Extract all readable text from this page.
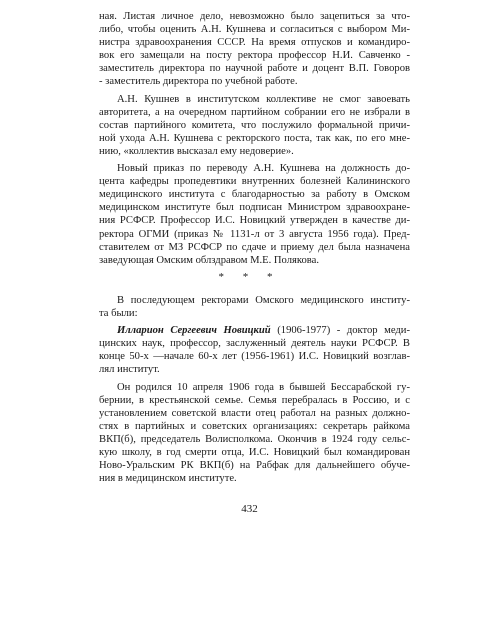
ная. Листая личное дело, невозможно было зацепиться за что-
либо, чтобы оценить А.Н. Кушнева и согласиться с выбором Ми-
нистра здравоохранения СССР. На время отпусков и командиро-
вок его замещали на посту ректора профессор Н.И. Савченко -
заместитель директора по научной работе и доцент В.П. Говоров
- заместитель директора по учебной работе.
А.Н. Кушнев в институтском коллективе не смог завоевать
авторитета, а на очередном партийном собрании его не избрали в
состав партийного комитета, что послужило формальной причи-
ной ухода А.Н. Кушнева с ректорского поста, так как, по его мне-
нию, «коллектив высказал ему недоверие».
Новый приказ по переводу А.Н. Кушнева на должность до-
цента кафедры пропедевтики внутренних болезней Калининского
медицинского института с благодарностью за работу в Омском
медицинском институте был подписан Министром здравоохране-
ния РСФСР. Профессор И.С. Новицкий утвержден в качестве ди-
ректора ОГМИ (приказ № 1131-л от 3 августа 1956 года). Пред-
ставителем от МЗ РСФСР по сдаче и приему дел была назначена
заведующая Омским облздравом М.Е. Полякова.
* * *
В последующем ректорами Омского медицинского институ-
та были:
Илларион Сергеевич Новицкий (1906-1977) - доктор меди-
цинских наук, профессор, заслуженный деятель науки РСФСР. В
конце 50-х —начале 60-х лет (1956-1961) И.С. Новицкий возглав-
лял институт.
Он родился 10 апреля 1906 года в бывшей Бессарабской гу-
бернии, в крестьянской семье. Семья перебралась в Россию, и с
установлением советской власти отец работал на разных должно-
стях в партийных и советских организациях: секретарь райкома
ВКП(б), председатель Волисполкома. Окончив в 1924 году сельс-
кую школу, в год смерти отца, И.С. Новицкий был командирован
Ново-Уральским РК ВКП(б) на Рабфак для дальнейшего обуче-
ния в медицинском институте.
432
